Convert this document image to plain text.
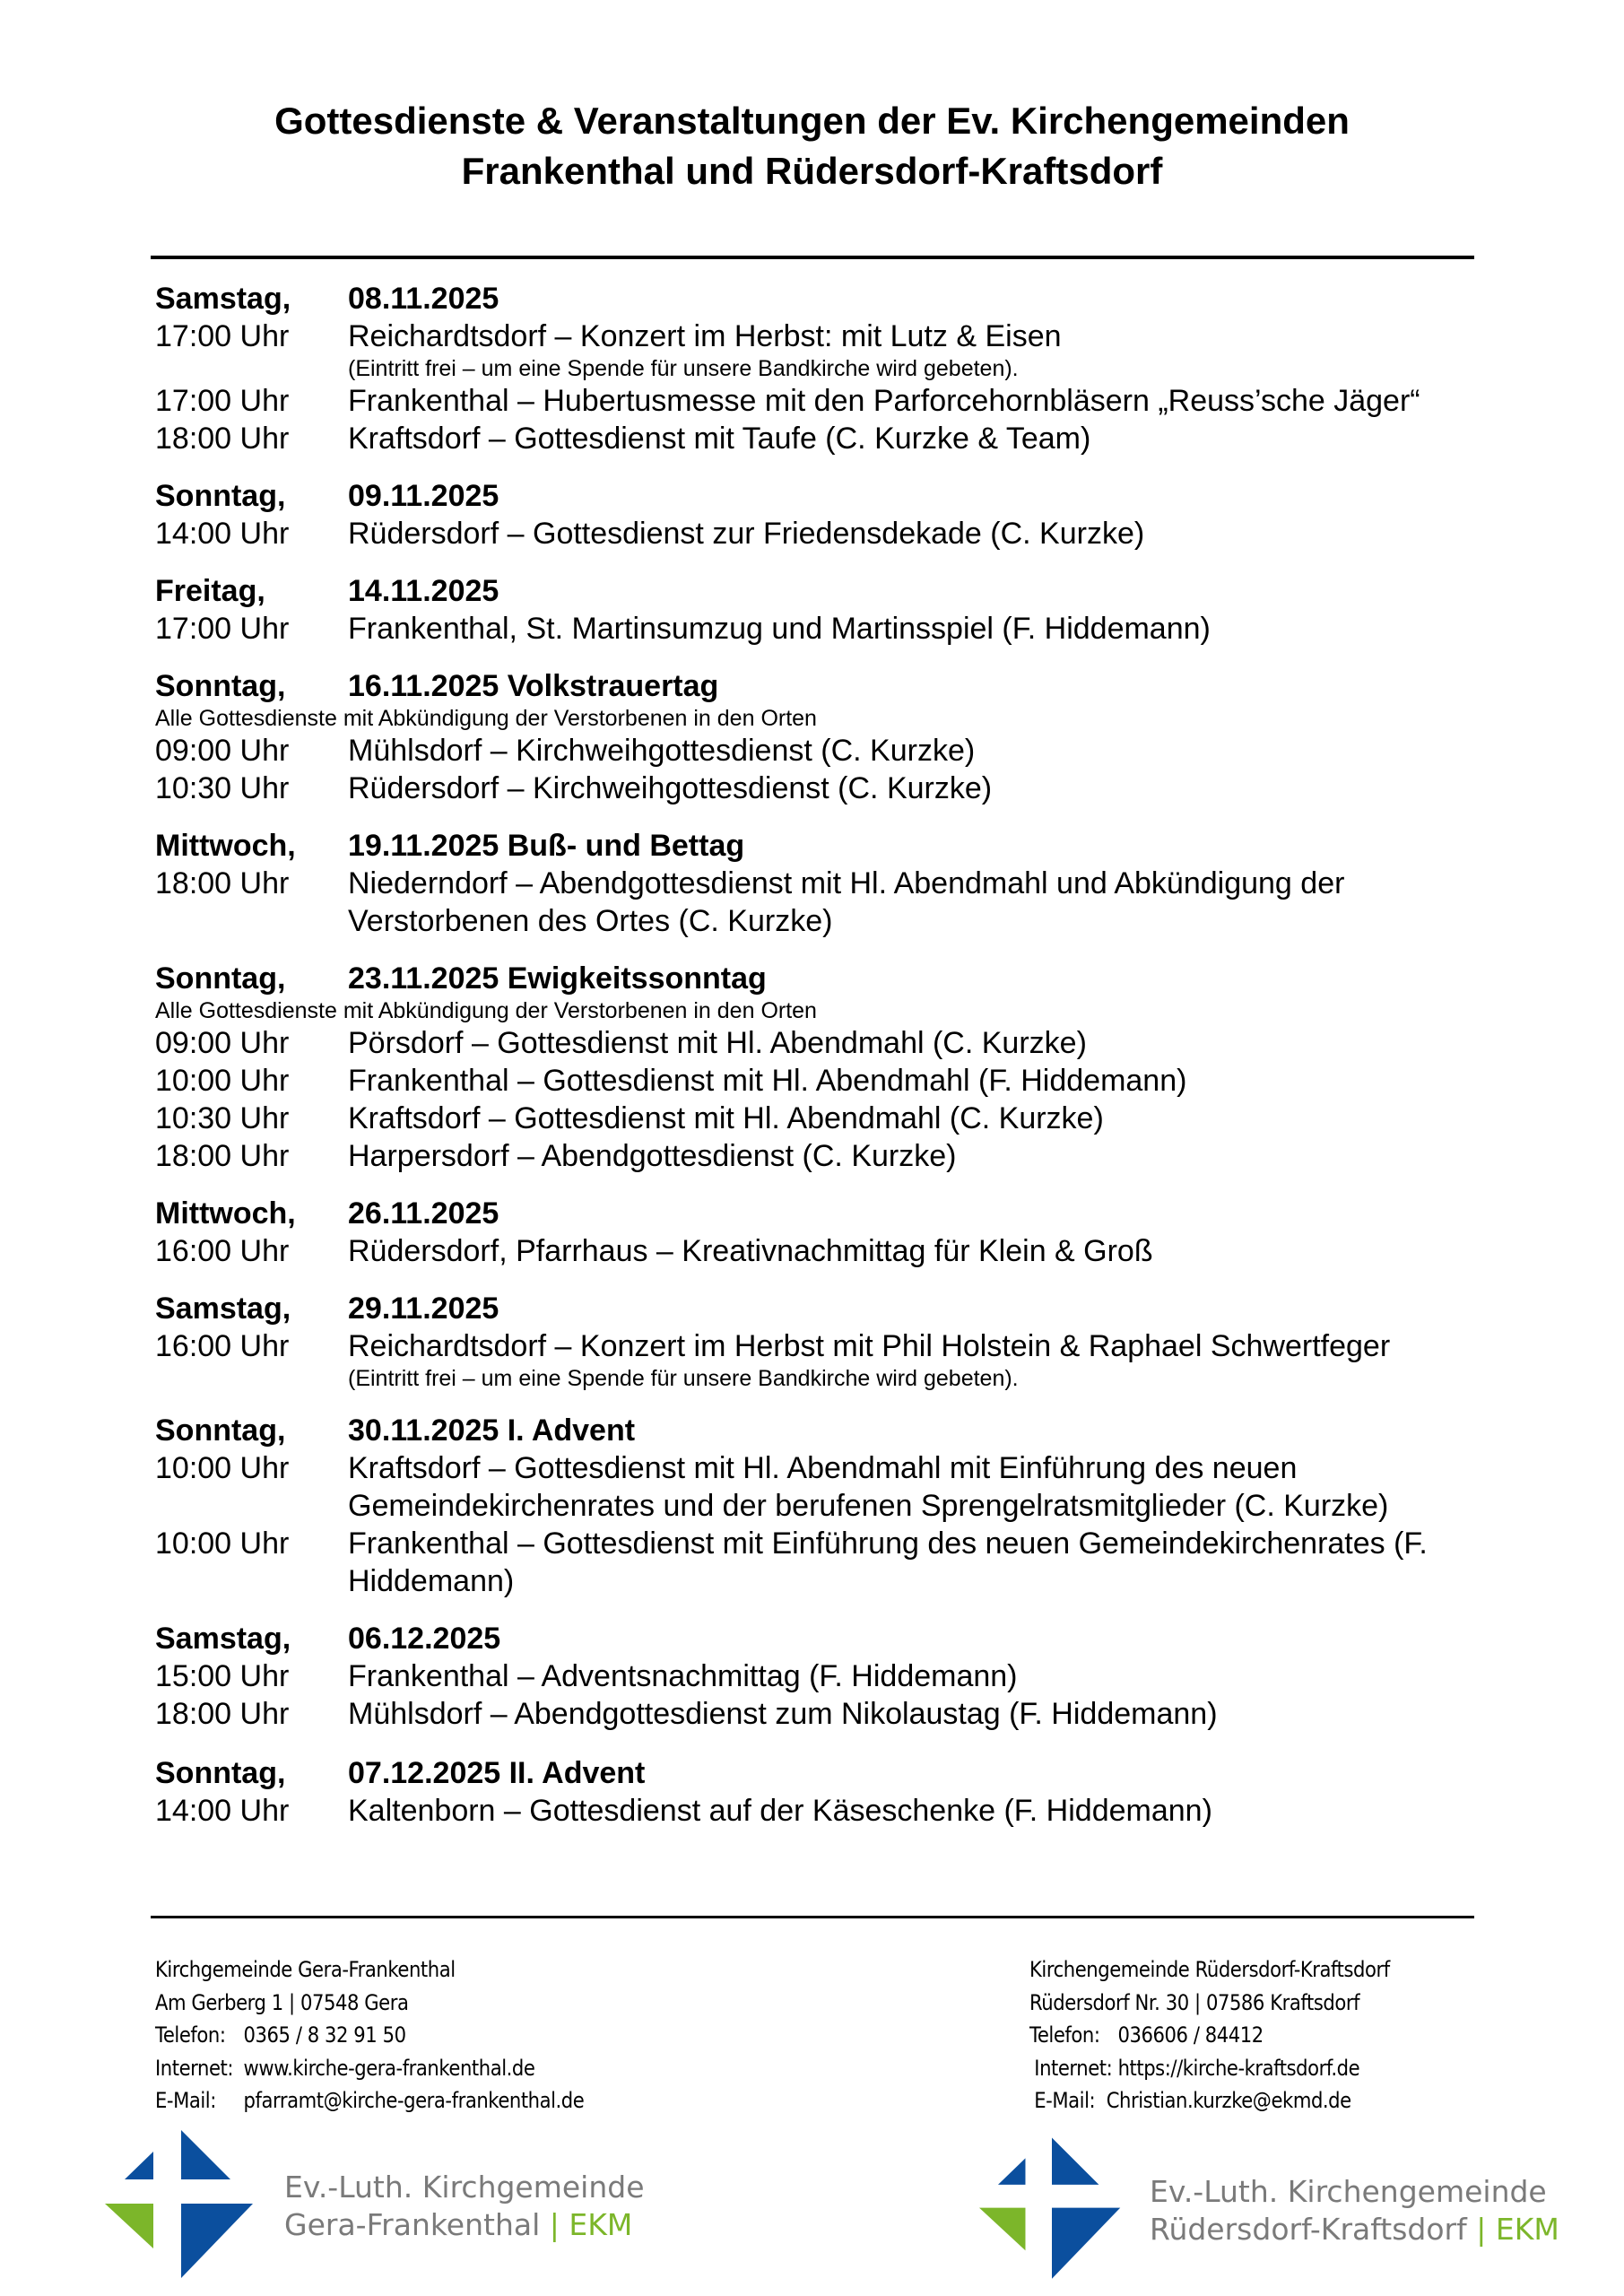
Gottesdienste & Veranstaltungen der Ev. Kirchengemeinden
Frankenthal und Rüdersdorf-Kraftsdorf
Samstag,	08.11.2025
17:00 Uhr	Reichardtsdorf – Konzert im Herbst: mit Lutz & Eisen
(Eintritt frei – um eine Spende für unsere Bandkirche wird gebeten).
17:00 Uhr	Frankenthal – Hubertusmesse mit den Parforcehornbläsern „Reuss’sche Jäger“
18:00 Uhr	Kraftsdorf – Gottesdienst mit Taufe (C. Kurzke & Team)
Sonntag,	09.11.2025
14:00 Uhr	Rüdersdorf – Gottesdienst zur Friedensdekade (C. Kurzke)
Freitag,	14.11.2025
17:00 Uhr	Frankenthal, St. Martinsumzug und Martinsspiel (F. Hiddemann)
Sonntag,	16.11.2025 Volkstrauertag
Alle Gottesdienste mit Abkündigung der Verstorbenen in den Orten
09:00 Uhr	Mühlsdorf – Kirchweihgottesdienst (C. Kurzke)
10:30 Uhr	Rüdersdorf – Kirchweihgottesdienst (C. Kurzke)
Mittwoch,	19.11.2025 Buß- und Bettag
18:00 Uhr	Niederndorf – Abendgottesdienst mit Hl. Abendmahl und Abkündigung der Verstorbenen des Ortes (C. Kurzke)
Sonntag,	23.11.2025 Ewigkeitssonntag
Alle Gottesdienste mit Abkündigung der Verstorbenen in den Orten
09:00 Uhr	Pörsdorf – Gottesdienst mit Hl. Abendmahl (C. Kurzke)
10:00 Uhr	Frankenthal – Gottesdienst mit Hl. Abendmahl (F. Hiddemann)
10:30 Uhr	Kraftsdorf – Gottesdienst mit Hl. Abendmahl (C. Kurzke)
18:00 Uhr	Harpersdorf – Abendgottesdienst (C. Kurzke)
Mittwoch,	26.11.2025
16:00 Uhr	Rüdersdorf, Pfarrhaus – Kreativnachmittag für Klein & Groß
Samstag,	29.11.2025
16:00 Uhr	Reichardtsdorf – Konzert im Herbst mit Phil Holstein & Raphael Schwertfeger
(Eintritt frei – um eine Spende für unsere Bandkirche wird gebeten).
Sonntag,	30.11.2025 I. Advent
10:00 Uhr	Kraftsdorf – Gottesdienst mit Hl. Abendmahl mit Einführung des neuen Gemeindekirchenrates und der berufenen Sprengelratsmitglieder (C. Kurzke)
10:00 Uhr	Frankenthal – Gottesdienst mit Einführung des neuen Gemeindekirchenrates (F. Hiddemann)
Samstag,	06.12.2025
15:00 Uhr	Frankenthal – Adventsnachmittag (F. Hiddemann)
18:00 Uhr	Mühlsdorf – Abendgottesdienst zum Nikolaustag (F. Hiddemann)
Sonntag,	07.12.2025 II. Advent
14:00 Uhr	Kaltenborn – Gottesdienst auf der Käseschenke (F. Hiddemann)
Kirchgemeinde Gera-Frankenthal
Am Gerberg 1 | 07548 Gera
Telefon: 0365 / 8 32 91 50
Internet: www.kirche-gera-frankenthal.de
E-Mail: pfarramt@kirche-gera-frankenthal.de
Kirchengemeinde Rüdersdorf-Kraftsdorf
Rüdersdorf Nr. 30 | 07586 Kraftsdorf
Telefon: 036606 / 84412
Internet: https://kirche-kraftsdorf.de
E-Mail: Christian.kurzke@ekmd.de
Ev.-Luth. Kirchgemeinde
Gera-Frankenthal | EKM
Ev.-Luth. Kirchengemeinde
Rüdersdorf-Kraftsdorf | EKM
